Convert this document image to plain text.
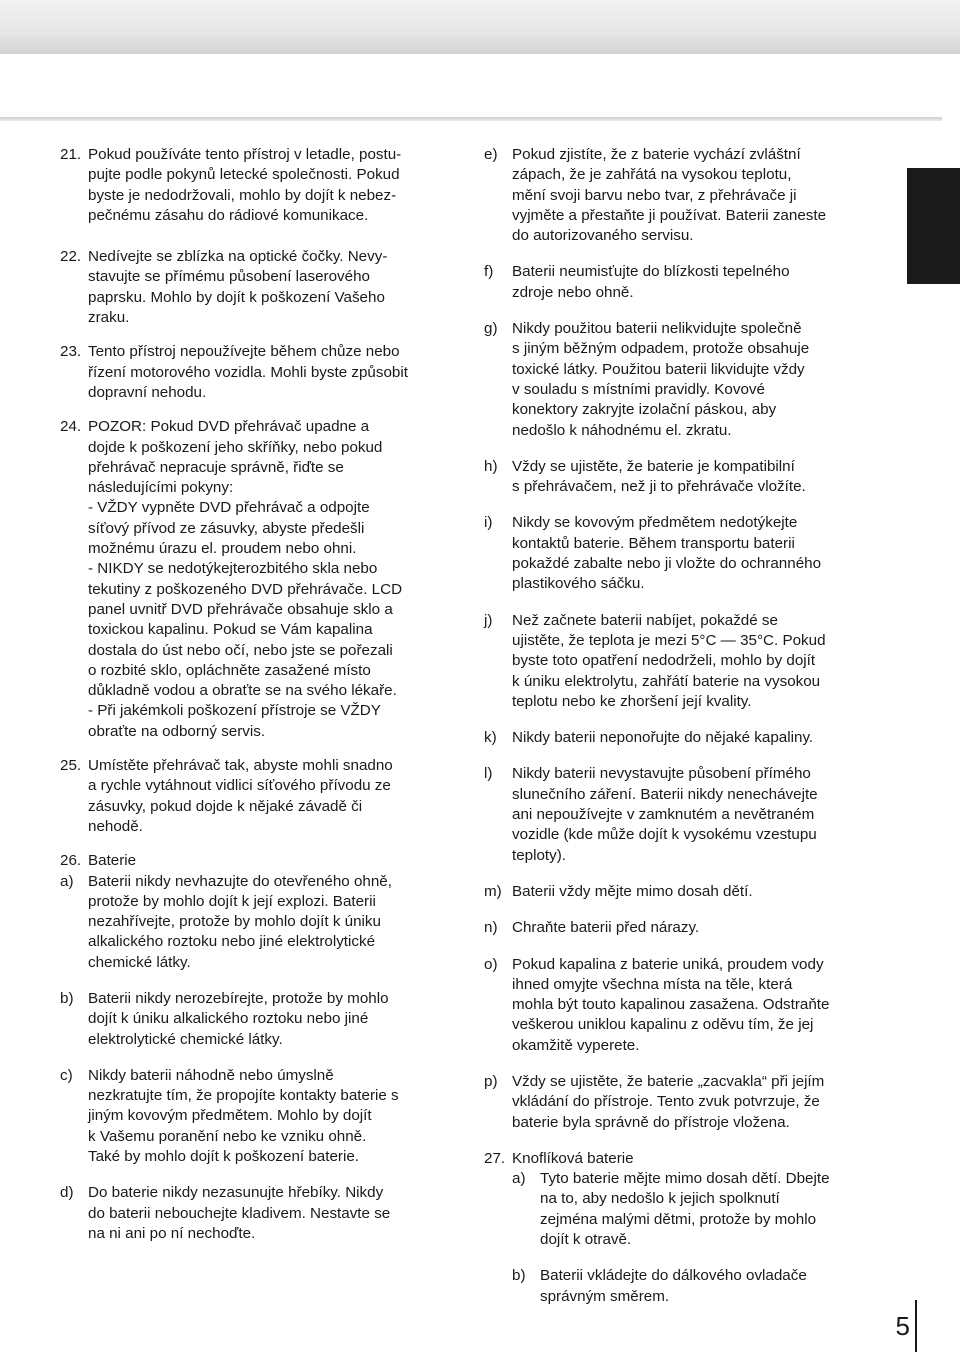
Úvod
21. Pokud používáte tento přístroj v letadle, postu-
pujte podle pokynů letecké společnosti. Pokud
byste je nedodržovali, mohlo by dojít k nebez-
pečnému zásahu do rádiové komunikace.
22. Nedívejte se zblízka na optické čočky. Nevy-
stavujte se přímému působení laserového
paprsku. Mohlo by dojít k poškození Vašeho
zraku.
23. Tento přístroj nepoužívejte během chůze nebo
řízení motorového vozidla. Mohli byste způsobit
dopravní nehodu.
24. POZOR: Pokud DVD přehrávač upadne a
dojde k poškození jeho skříňky, nebo pokud
přehrávač nepracuje správně, řiďte se
následujícími pokyny:
- VŽDY vypněte DVD přehrávač a odpojte
síťový přívod ze zásuvky, abyste předešli
možnému úrazu el. proudem nebo ohni.
- NIKDY se nedotýkejterozbitého skla nebo
tekutiny z poškozeného DVD přehrávače. LCD
panel uvnitř DVD přehrávače obsahuje sklo a
toxickou kapalinu. Pokud se Vám kapalina
dostala do úst nebo očí, nebo jste se pořezali
o rozbité sklo, opláchněte zasažené místo
důkladně vodou a obraťte se na svého lékaře.
- Při jakémkoli poškození přístroje se VŽDY
obraťte na odborný servis.
25. Umístěte přehrávač tak, abyste mohli snadno
a rychle vytáhnout vidlici síťového přívodu ze
zásuvky, pokud dojde k nějaké závadě či
nehodě.
26. Baterie
a) Baterii nikdy nevhazujte do otevřeného ohně,
protože by mohlo dojít k její explozi. Baterii
nezahřívejte, protože by mohlo dojít k úniku
alkalického roztoku nebo jiné elektrolytické
chemické látky.
b) Baterii nikdy nerozebírejte, protože by mohlo
dojít k úniku alkalického roztoku nebo jiné
elektrolytické chemické látky.
c)	Nikdy baterii náhodně nebo úmyslně
nezkratujte tím, že propojíte kontakty baterie s
jiným kovovým předmětem. Mohlo by dojít
k Vašemu poranění nebo ke vzniku ohně.
Také by mohlo dojít k poškození baterie.
d) Do baterie nikdy nezasunujte hřebíky. Nikdy
do baterii nebouchejte kladivem. Nestavte se
na ni ani po ní nechoďte.
e) Pokud zjistíte, že z baterie vychází zvláštní
zápach, že je zahřátá na vysokou teplotu,
mění svoji barvu nebo tvar, z přehrávače ji
vyjměte a přestaňte ji používat. Baterii zaneste
do autorizovaného servisu.
f)	Baterii neumisťujte do blízkosti tepelného
zdroje nebo ohně.
g) Nikdy použitou baterii nelikvidujte společně
s jiným běžným odpadem, protože obsahuje
toxické látky. Použitou baterii likvidujte vždy
v souladu s místními pravidly. Kovové
konektory zakryjte izolační páskou, aby
nedošlo k náhodnému el. zkratu.
h) Vždy se ujistěte, že baterie je kompatibilní
s přehrávačem, než ji to přehrávače vložíte.
i)	Nikdy se kovovým předmětem nedotýkejte
kontaktů baterie. Během transportu baterii
pokaždé zabalte nebo ji vložte do ochranného
plastikového sáčku.
j)	Než začnete baterii nabíjet, pokaždé se
ujistěte, že teplota je mezi 5°C — 35°C. Pokud
byste toto opatření nedodrželi, mohlo by dojít
k úniku elektrolytu, zahřátí baterie na vysokou
teplotu nebo ke zhoršení její kvality.
k)	Nikdy baterii neponořujte do nějaké kapaliny.
l)	Nikdy baterii nevystavujte působení přímého
slunečního záření. Baterii nikdy nenechávejte
ani nepoužívejte v zamknutém a nevětraném
vozidle (kde může dojít k vysokému vzestupu
teploty).
m) Baterii vždy mějte mimo dosah dětí.
n) Chraňte baterii před nárazy.
o) Pokud kapalina z baterie uniká, proudem vody
ihned omyjte všechna místa na těle, která
mohla být touto kapalinou zasažena. Odstraňte
veškerou uniklou kapalinu z oděvu tím, že jej
okamžitě vyperete.
p) Vždy se ujistěte, že baterie „zacvakla“ při jejím
vkládání do přístroje. Tento zvuk potvrzuje, že
baterie byla správně do přístroje vložena.
27. Knoflíková baterie
a) Tyto baterie mějte mimo dosah dětí. Dbejte
na to, aby nedošlo k jejich spolknutí
zejména malými dětmi, protože by mohlo
dojít k otravě.
b) Baterii vkládejte do dálkového ovladače
správným směrem.
5
